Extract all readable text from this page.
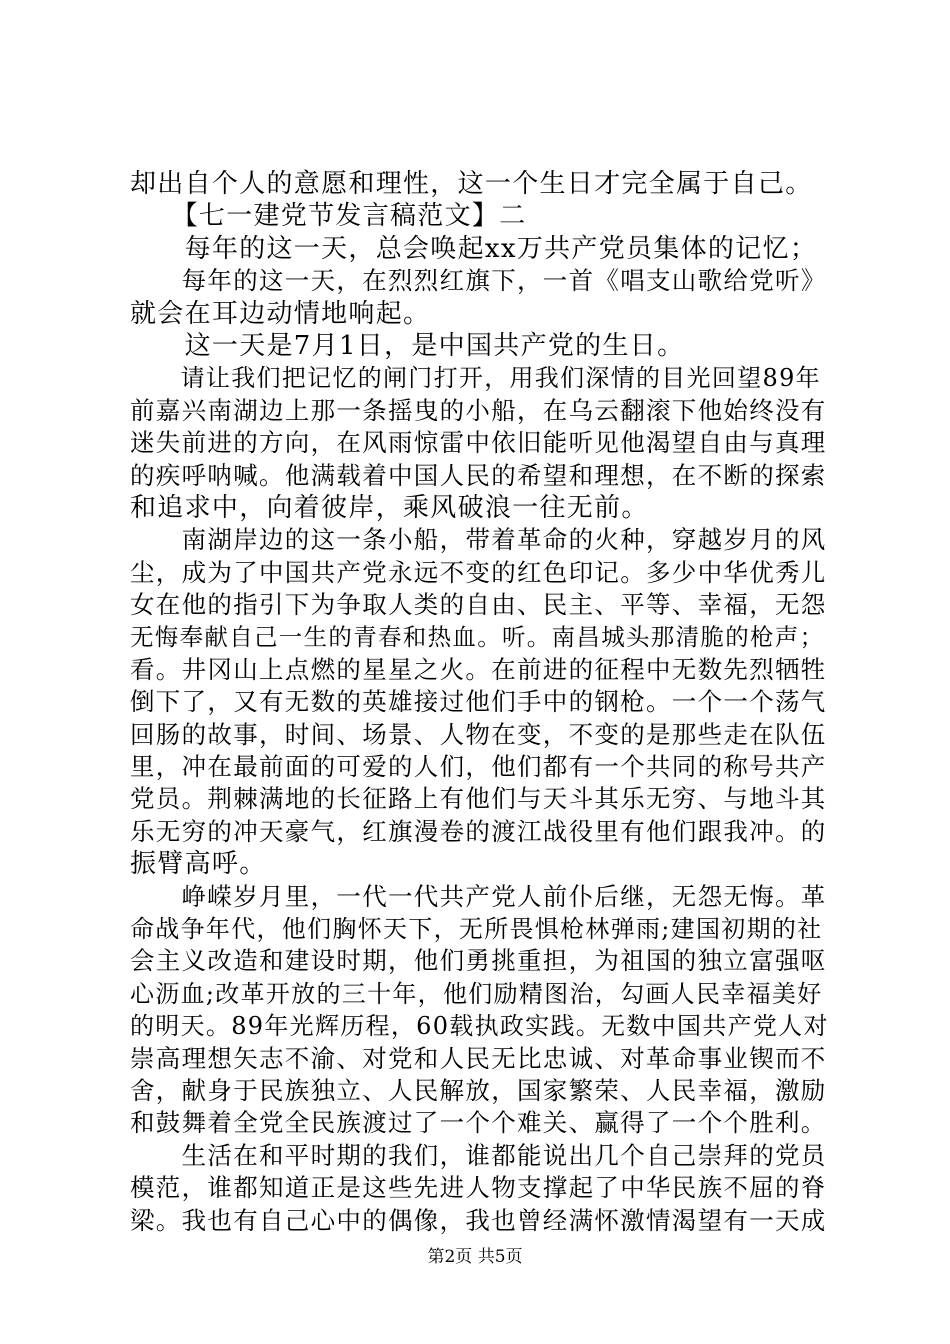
却出自个人的意愿和理性，这一个生日才完全属于自己。
　　【七一建党节发言稿范文】二
　　每年的这一天，总会唤起xx万共产党员集体的记忆；
　　每年的这一天，在烈烈红旗下，一首《唱支山歌给党听》
就会在耳边动情地响起。
　　这一天是7月1日，是中国共产党的生日。
　　请让我们把记忆的闸门打开，用我们深情的目光回望89年
前嘉兴南湖边上那一条摇曳的小船，在乌云翻滚下他始终没有
迷失前进的方向，在风雨惊雷中依旧能听见他渴望自由与真理
的疾呼呐喊。他满载着中国人民的希望和理想，在不断的探索
和追求中，向着彼岸，乘风破浪一往无前。
　　南湖岸边的这一条小船，带着革命的火种，穿越岁月的风
尘，成为了中国共产党永远不变的红色印记。多少中华优秀儿
女在他的指引下为争取人类的自由、民主、平等、幸福，无怨
无悔奉献自己一生的青春和热血。听。南昌城头那清脆的枪声；
看。井冈山上点燃的星星之火。在前进的征程中无数先烈牺牲
倒下了，又有无数的英雄接过他们手中的钢枪。一个一个荡气
回肠的故事，时间、场景、人物在变，不变的是那些走在队伍
里，冲在最前面的可爱的人们，他们都有一个共同的称号共产
党员。荆棘满地的长征路上有他们与天斗其乐无穷、与地斗其
乐无穷的冲天豪气，红旗漫卷的渡江战役里有他们跟我冲。的
振臂高呼。
　　峥嵘岁月里，一代一代共产党人前仆后继，无怨无悔。革
命战争年代，他们胸怀天下，无所畏惧枪林弹雨;建国初期的社
会主义改造和建设时期，他们勇挑重担，为祖国的独立富强呕
心沥血;改革开放的三十年，他们励精图治，勾画人民幸福美好
的明天。89年光辉历程，60载执政实践。无数中国共产党人对
崇高理想矢志不渝、对党和人民无比忠诚、对革命事业锲而不
舍，献身于民族独立、人民解放，国家繁荣、人民幸福，激励
和鼓舞着全党全民族渡过了一个个难关、赢得了一个个胜利。
　　生活在和平时期的我们，谁都能说出几个自己崇拜的党员
模范，谁都知道正是这些先进人物支撑起了中华民族不屈的脊
梁。我也有自己心中的偶像，我也曾经满怀激情渴望有一天成
第2页 共5页
